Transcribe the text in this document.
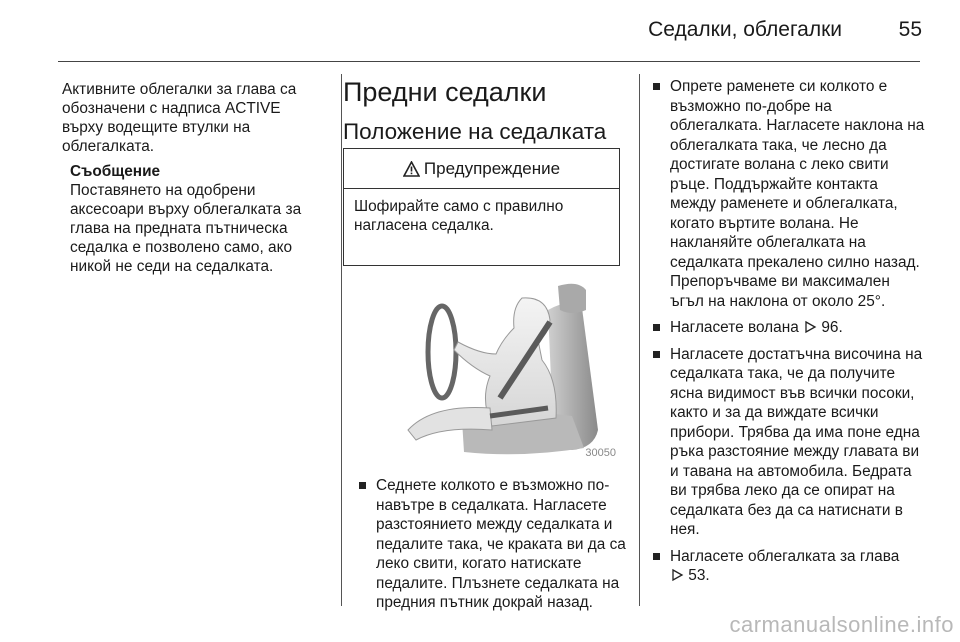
Седалки, облегалки	55

Активните облегалки за глава са
обозначени с надписа ACTIVE върху водещите втулки на облегалката.

Съобщение
Поставянето на одобрени аксесоари върху облегалката за глава на предната пътническа седалка е позволено само, ако никой не седи на седалката.
Предни седалки
Положение на седалката
Предупреждение
Шофирайте само с правилно нагласена седалка.
30050
Седнете колкото е възможно по-навътре в седалката. Нагласете разстоянието между седалката и педалите така, че краката ви да са леко свити, когато натискате педалите. Плъзнете седалката на предния пътник докрай назад.
Опрете раменете си колкото е възможно по-добре на облегалката. Нагласете наклона на облегалката така, че лесно да достигате волана с леко свити ръце. Поддържайте контакта между раменете и облегалката, когато въртите волана. Не накланяйте облегалката на седалката прекалено силно назад. Препоръчваме ви максимален ъгъл на наклона от около 25°.
Нагласете волана  96.
Нагласете достатъчна височина на седалката така, че да получите ясна видимост във всички посоки, както и за да виждате всички прибори. Трябва да има поне една ръка разстояние между главата ви и тавана на автомобила. Бедрата ви трябва леко да се опират на седалката без да са натиснати в нея.
Нагласете облегалката за глава
53.
carmanualsonline.info
